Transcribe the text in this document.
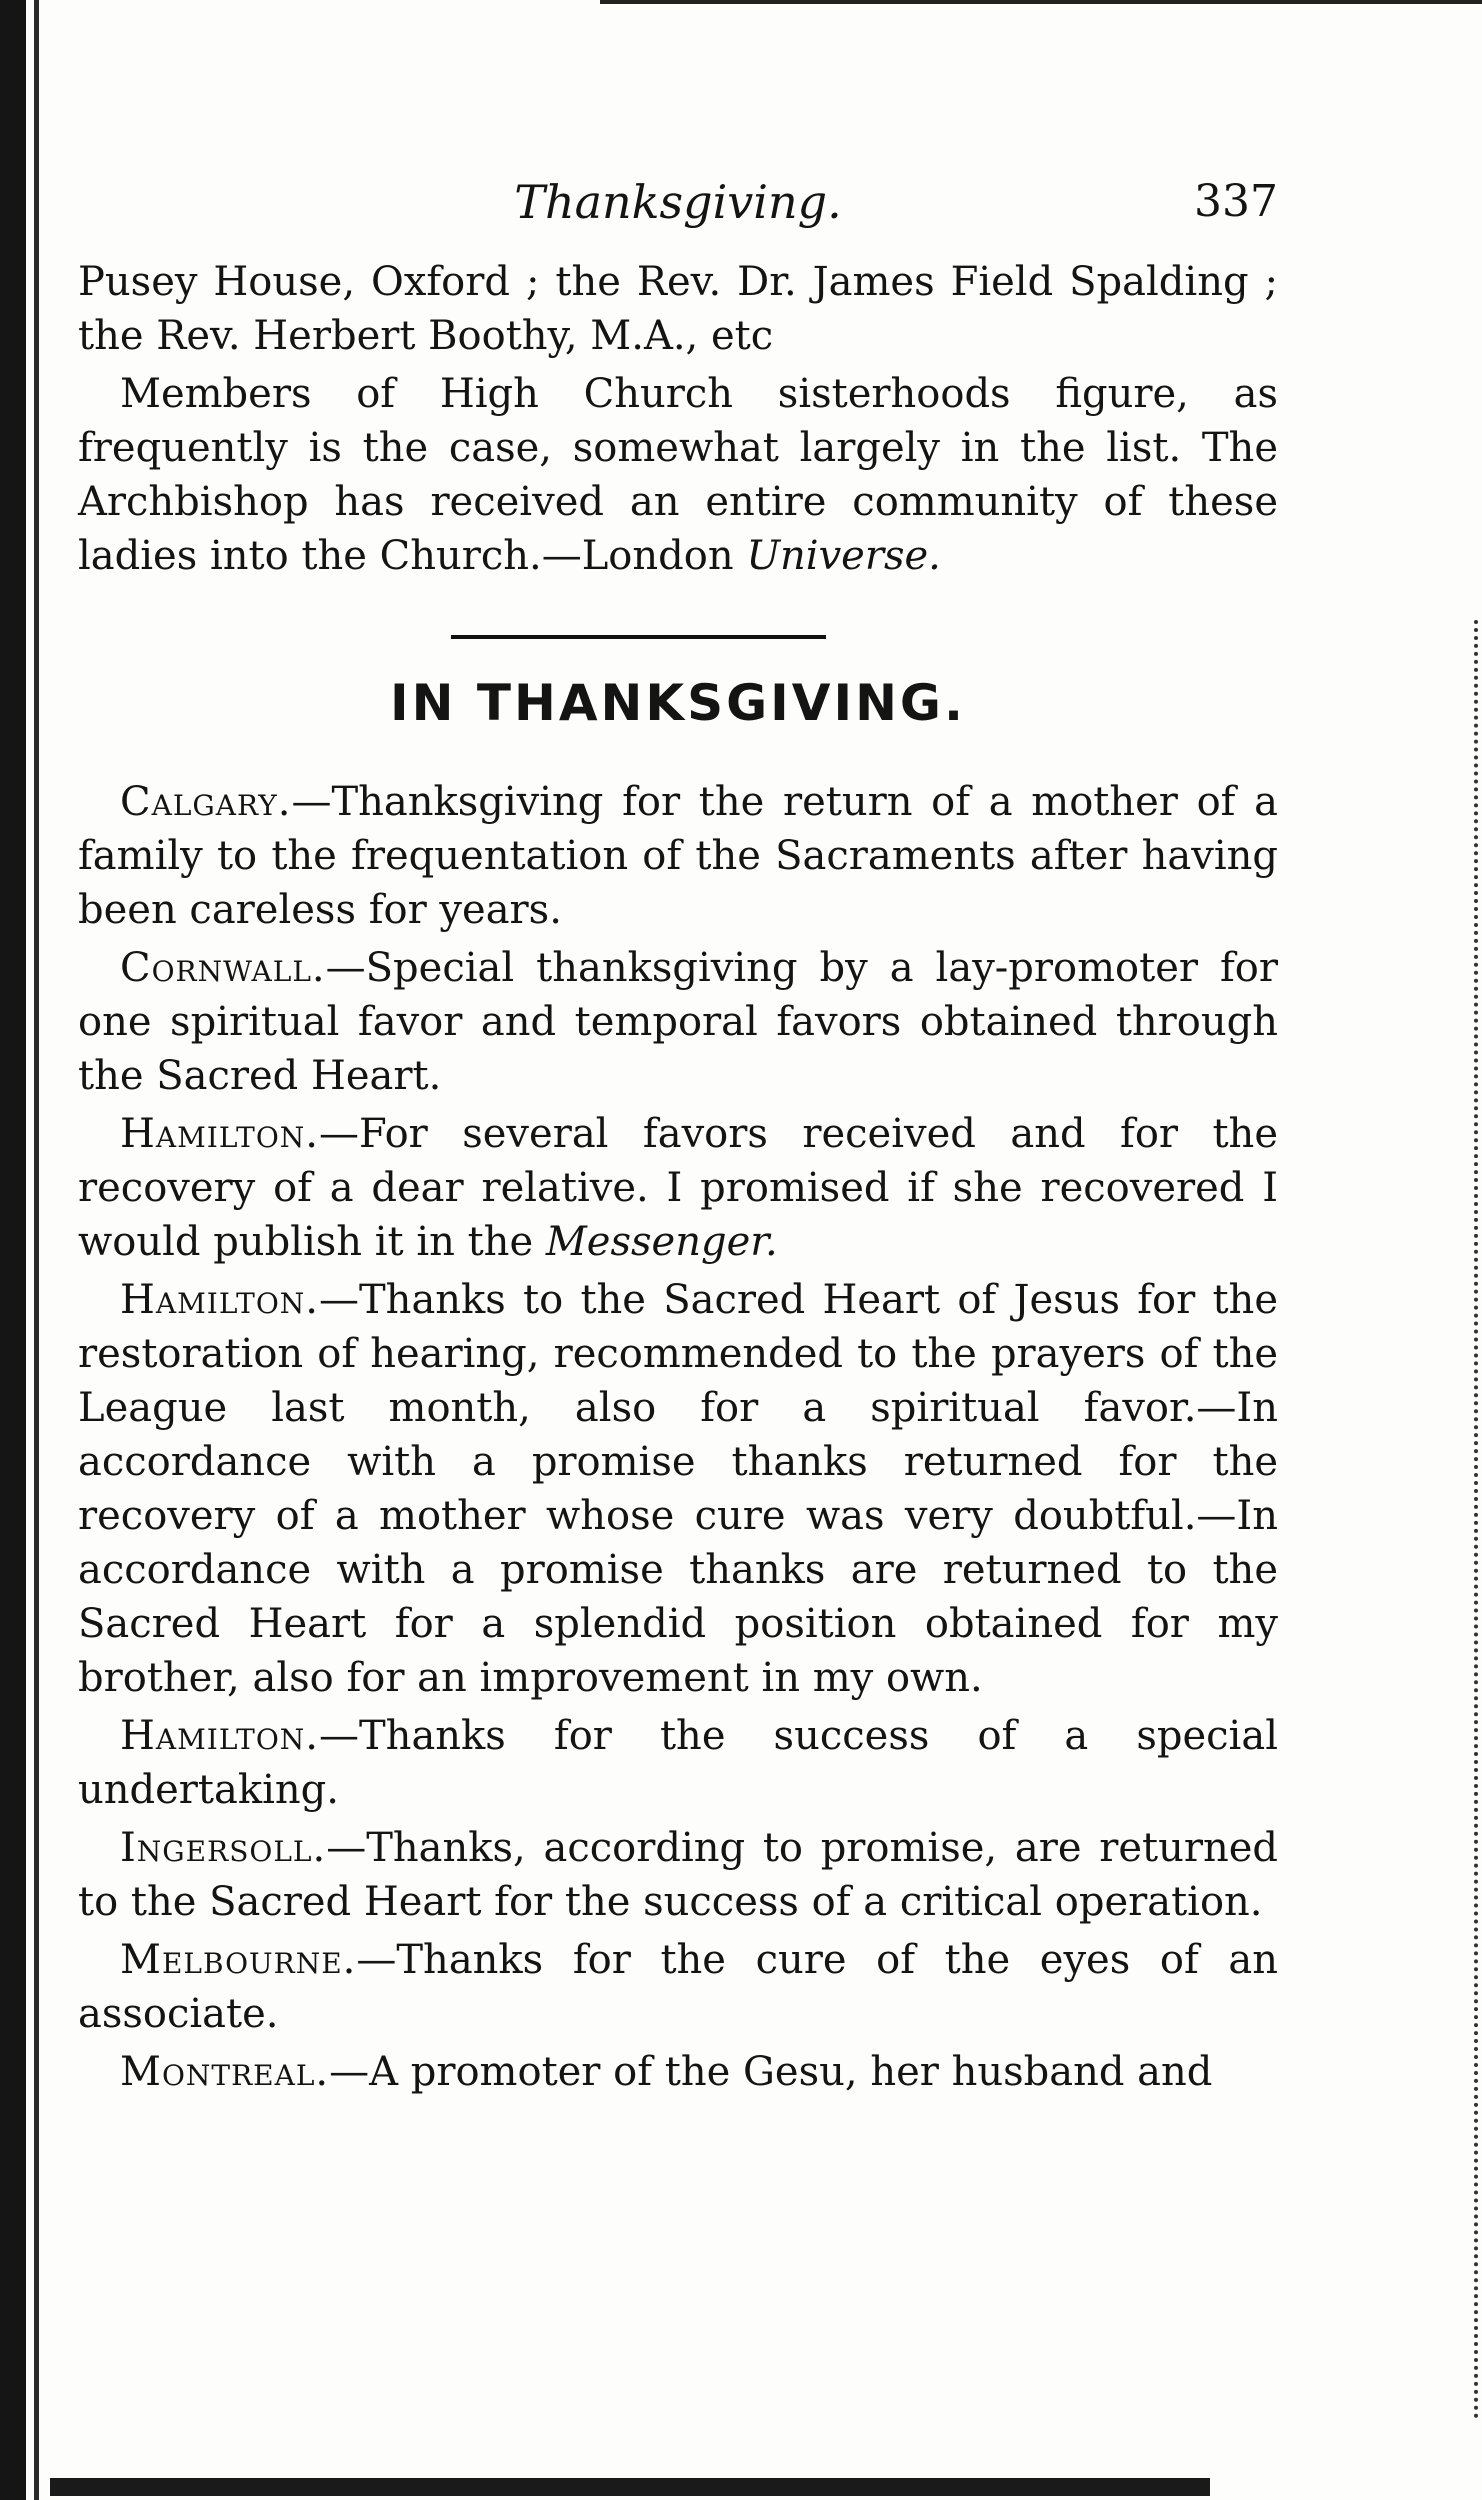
Thanksgiving.	337

Pusey House, Oxford ; the Rev. Dr. James Field Spalding ; the Rev. Herbert Boothy, M.A., etc

Members of High Church sisterhoods figure, as frequently is the case, somewhat largely in the list. The Archbishop has received an entire community of these ladies into the Church.—London Universe.

IN THANKSGIVING.

Calgary.—Thanksgiving for the return of a mother of a family to the frequentation of the Sacraments after having been careless for years.

Cornwall.—Special thanksgiving by a lay-promoter for one spiritual favor and temporal favors obtained through the Sacred Heart.

Hamilton.—For several favors received and for the recovery of a dear relative. I promised if she recovered I would publish it in the Messenger.

Hamilton.—Thanks to the Sacred Heart of Jesus for the restoration of hearing, recommended to the prayers of the League last month, also for a spiritual favor.—In accordance with a promise thanks returned for the recovery of a mother whose cure was very doubtful.—In accordance with a promise thanks are returned to the Sacred Heart for a splendid position obtained for my brother, also for an improvement in my own.

Hamilton.—Thanks for the success of a special undertaking.

Ingersoll.—Thanks, according to promise, are returned to the Sacred Heart for the success of a critical operation.

Melbourne.—Thanks for the cure of the eyes of an associate.

Montreal.—A promoter of the Gesu, her husband and
